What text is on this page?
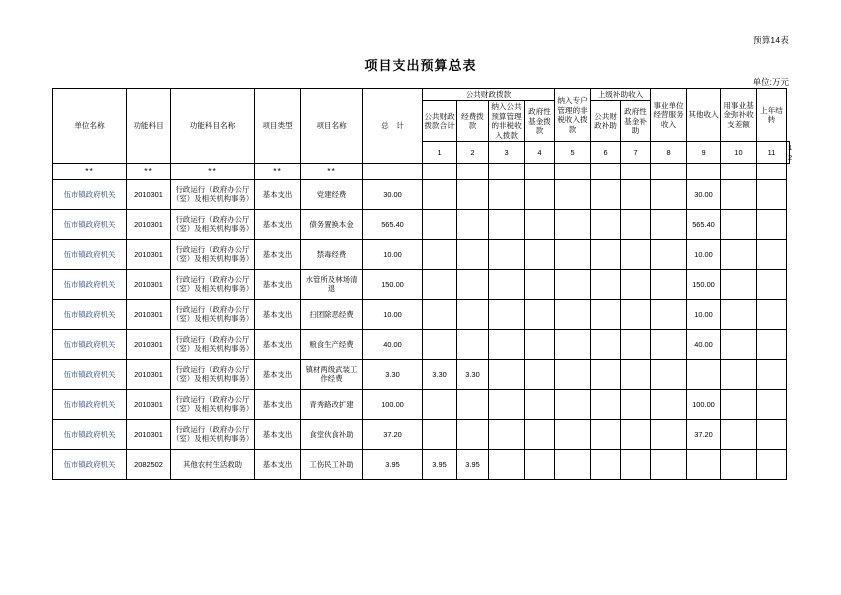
预算14表
项目支出预算总表
单位:万元
单位名称	功能科目	功能科目名称	项目类型	项目名称	总　计	公共财政拨款				纳入专户管理的非税收入拨款	上级补助收入		事业单位经营服务收入	其他收入	用事业基金弥补收支差额	上年结转	
						公共财政拨款合计	经费拨款	纳入公共预算管理的非税收入拨款	政府性基金拨款		公共财政补助	政府性基金补助					
						1	2	3	4	5	6	7	8	9	10	11	12
**	**	**	**	**													
伍市镇政府机关	2010301	行政运行（政府办公厅（室）及相关机构事务）	基本支出	党建经费	30.00									30.00			
伍市镇政府机关	2010301	行政运行（政府办公厅（室）及相关机构事务）	基本支出	债务置换本金	565.40									565.40			
伍市镇政府机关	2010301	行政运行（政府办公厅（室）及相关机构事务）	基本支出	禁毒经费	10.00									10.00			
伍市镇政府机关	2010301	行政运行（政府办公厅（室）及相关机构事务）	基本支出	水管所及林场清退	150.00									150.00			
伍市镇政府机关	2010301	行政运行（政府办公厅（室）及相关机构事务）	基本支出	扫团除恶经费	10.00									10.00			
伍市镇政府机关	2010301	行政运行（政府办公厅（室）及相关机构事务）	基本支出	粮食生产经费	40.00									40.00			
伍市镇政府机关	2010301	行政运行（政府办公厅（室）及相关机构事务）	基本支出	镇材两级武装工作经费	3.30	3.30	3.30										
伍市镇政府机关	2010301	行政运行（政府办公厅（室）及相关机构事务）	基本支出	青秀路改扩建	100.00									100.00			
伍市镇政府机关	2010301	行政运行（政府办公厅（室）及相关机构事务）	基本支出	食堂伙食补助	37.20									37.20			
伍市镇政府机关	2082502	其他农村生活救助	基本支出	工伤民工补助	3.95	3.95	3.95										
